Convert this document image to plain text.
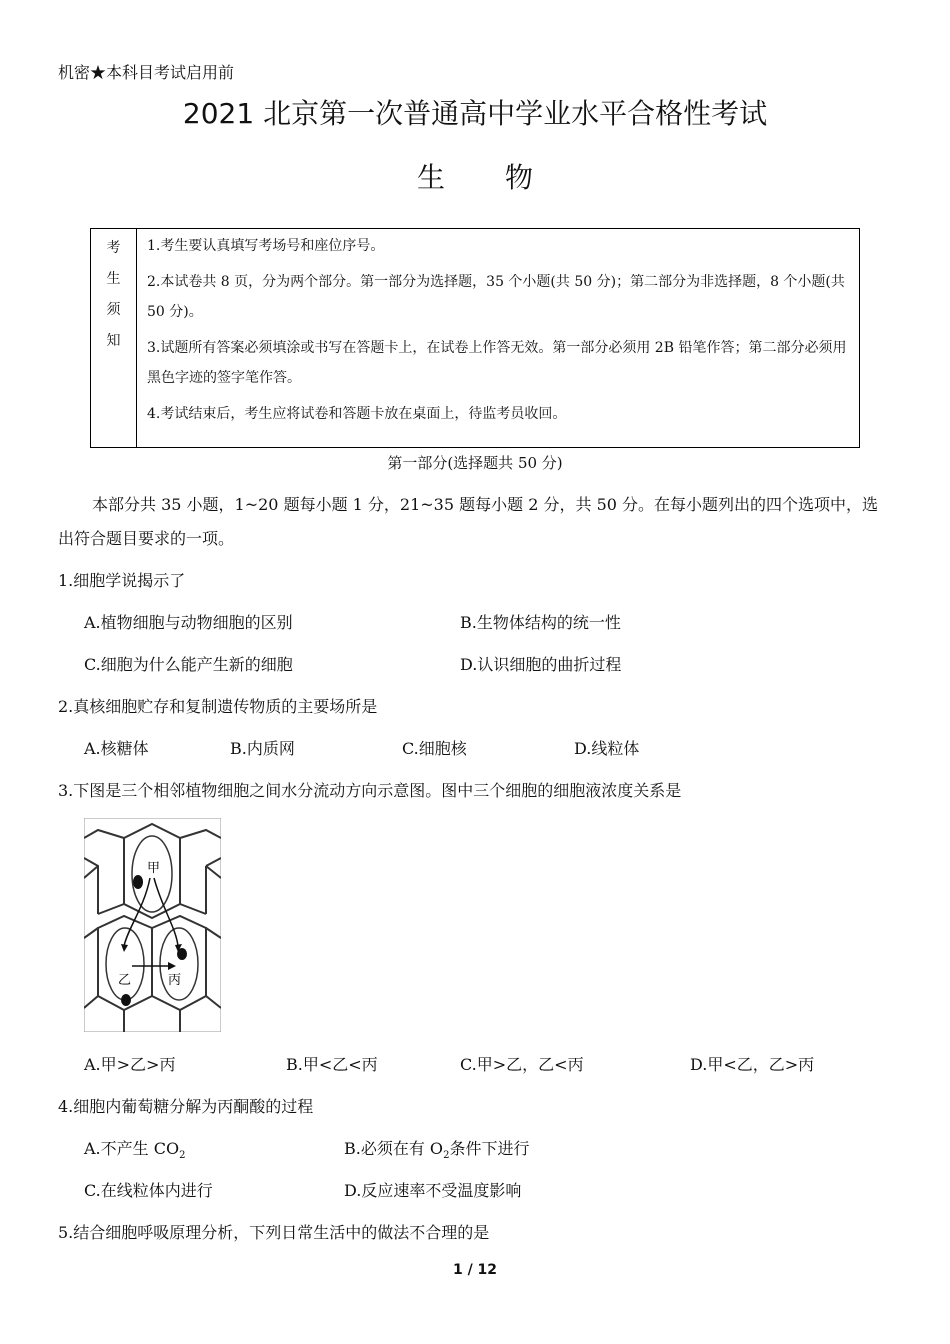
机密★本科目考试启用前
2021 北京第一次普通高中学业水平合格性考试
生物
考
生
须
知

1.考生要认真填写考场号和座位序号。

2.本试卷共 8 页，分为两个部分。第一部分为选择题，35 个小题(共 50 分)；第二部分为非选择题，8 个小题(共 50 分)。

3.试题所有答案必须填涂或书写在答题卡上，在试卷上作答无效。第一部分必须用 2B 铅笔作答；第二部分必须用黑色字迹的签字笔作答。

4.考试结束后，考生应将试卷和答题卡放在桌面上，待监考员收回。

第一部分(选择题共 50 分)
本部分共 35 小题，1~20 题每小题 1 分，21~35 题每小题 2 分，共 50 分。在每小题列出的四个选项中，选出符合题目要求的一项。
1.细胞学说揭示了
A.植物细胞与动物细胞的区别	B.生物体结构的统一性
C.细胞为什么能产生新的细胞	D.认识细胞的曲折过程
2.真核细胞贮存和复制遗传物质的主要场所是
A.核糖体	B.内质网	C.细胞核	D.线粒体
3.下图是三个相邻植物细胞之间水分流动方向示意图。图中三个细胞的细胞液浓度关系是
甲
乙	丙
A.甲>乙>丙	B.甲<乙<丙	C.甲>乙，乙<丙	D.甲<乙，乙>丙
4.细胞内葡萄糖分解为丙酮酸的过程
A.不产生 $CO_2$	B.必须在有 $O_2$条件下进行
C.在线粒体内进行	D.反应速率不受温度影响
5.结合细胞呼吸原理分析，下列日常生活中的做法不合理的是
1 / 12
